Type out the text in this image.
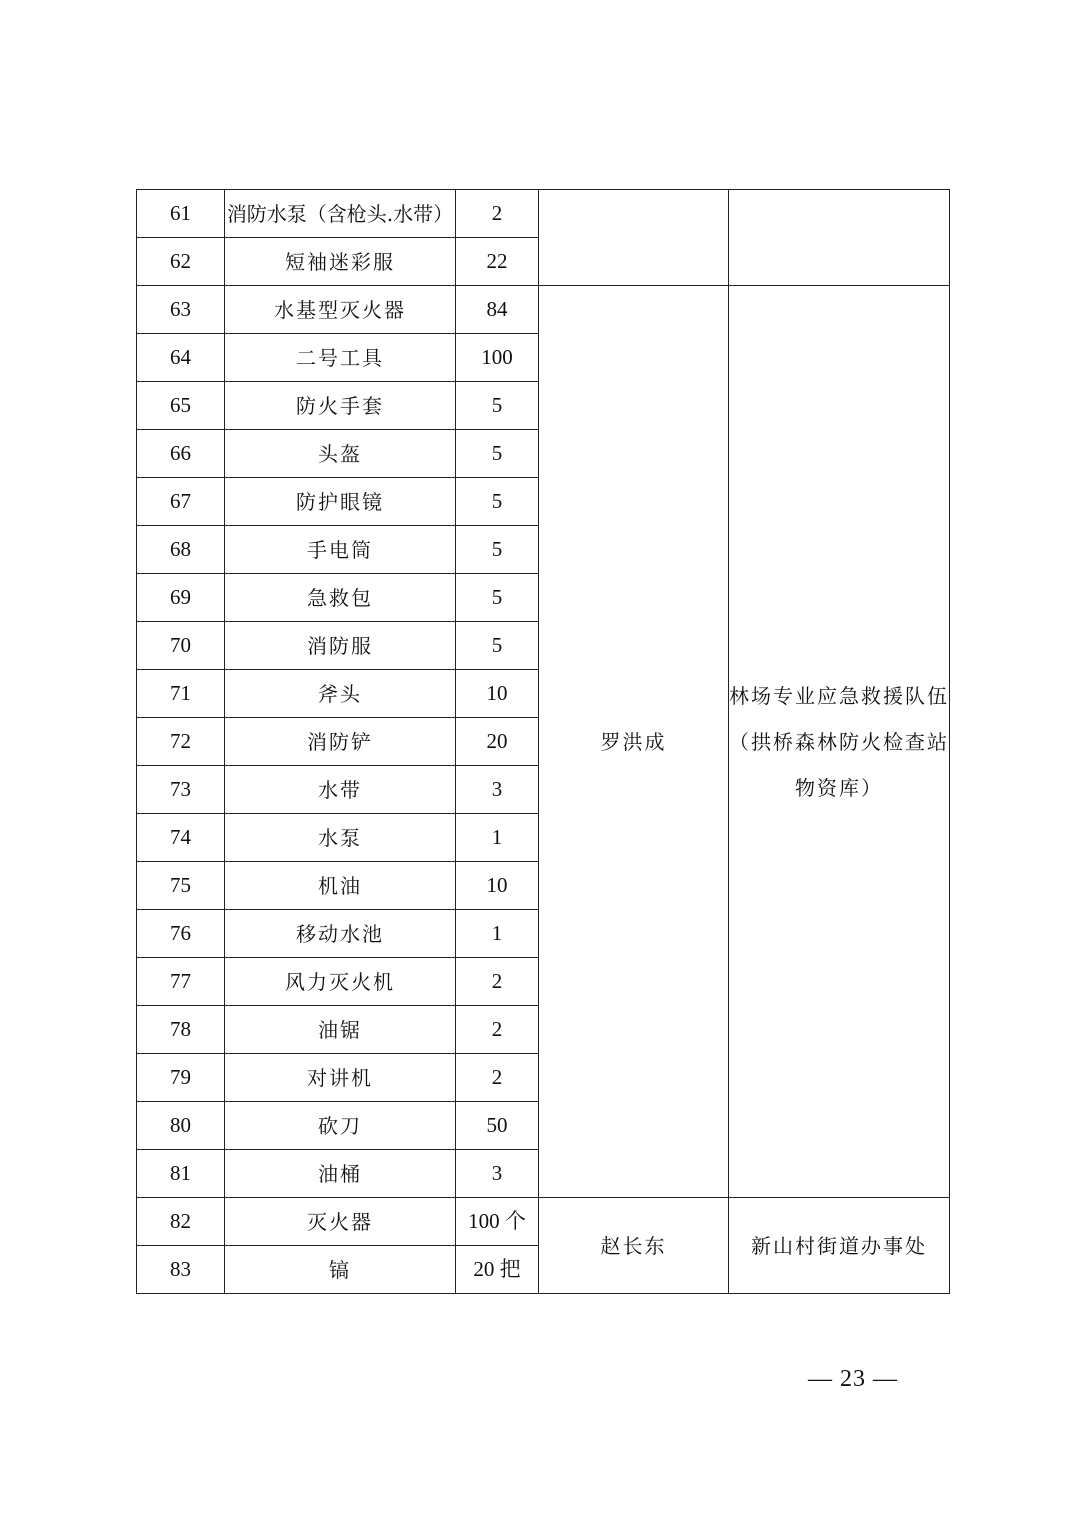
61	消防水泵（含枪头.水带）	2		
62	短袖迷彩服	22		
63	水基型灭火器	84	罗洪成	林场专业应急救援队伍
（拱桥森林防火检查站
物资库）

64	二号工具	100		
65	防火手套	5		
66	头盔	5		
67	防护眼镜	5		
68	手电筒	5		
69	急救包	5		
70	消防服	5		
71	斧头	10		
72	消防铲	20		
73	水带	3		
74	水泵	1		
75	机油	10		
76	移动水池	1		
77	风力灭火机	2		
78	油锯	2		
79	对讲机	2		
80	砍刀	50		
81	油桶	3		
82	灭火器	100 个	赵长东	新山村街道办事处
83	镐	20 把		
— 23 —
